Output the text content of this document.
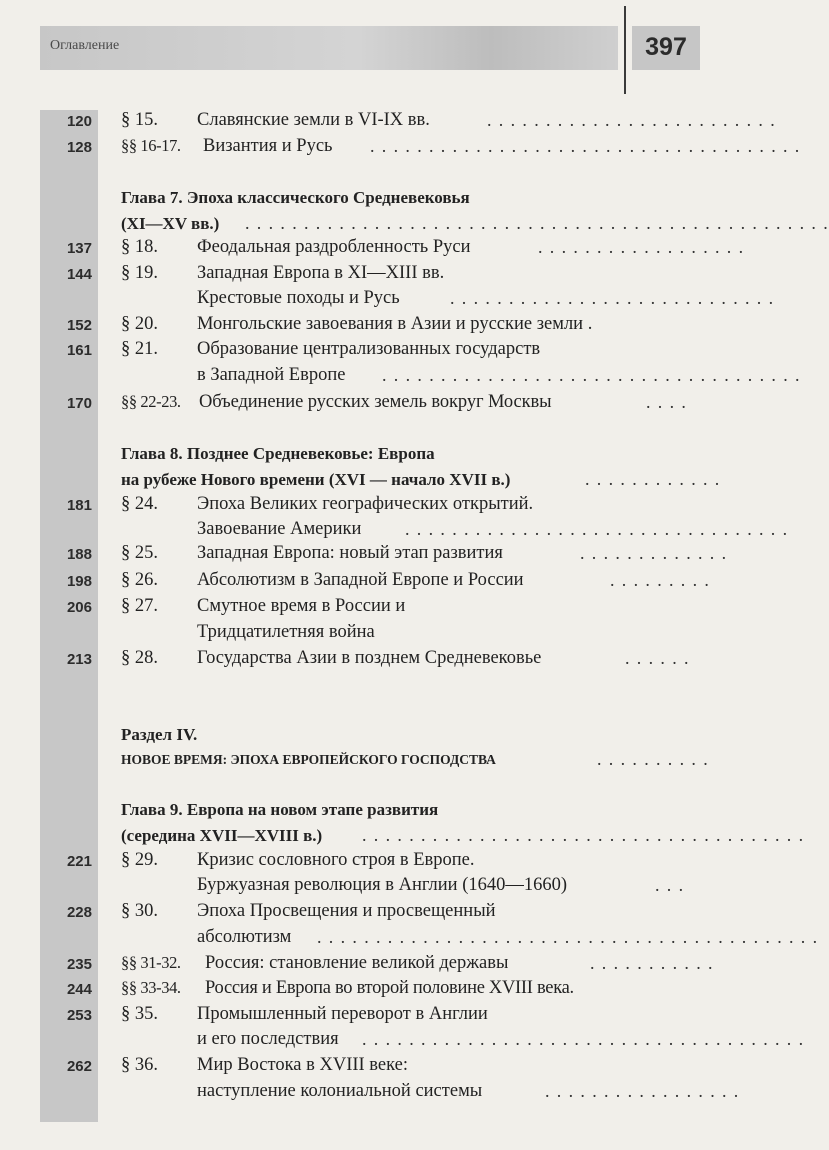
Оглавление	397
120 § 15. Славянские земли в VI-IX вв.	. . . . . . . . . . . . . . . . . . . . . . . . .
128 §§ 16-17. Византия и Русь . . . . . . . . . . . . . . . . . . . . . . . . . . . . . . . . . . . . .
Глава 7. Эпоха классического Средневековья
(XI—XV вв.) . . . . . . . . . . . . . . . . . . . . . . . . . . . . . . . . . . . . . . . . . . . . . . . . . .
137 § 18. Феодальная раздробленность Руси	. . . . . . . . . . . . . . . . . .
144 § 19. Западная Европа в XI—XIII вв.
Крестовые походы и Русь	. . . . . . . . . . . . . . . . . . . . . . . . . . . .
152 § 20. Монгольские завоевания в Азии и русские земли .
161 § 21. Образование централизованных государств
в Западной Европе . . . . . . . . . . . . . . . . . . . . . . . . . . . . . . . . . . . .
170 §§ 22-23. Объединение русских земель вокруг Москвы	. . . .
Глава 8. Позднее Средневековье: Европа
на рубеже Нового времени (XVI — начало XVII в.)	. . . . . . . . . . . .
181 § 24. Эпоха Великих географических открытий.
Завоевание Америки . . . . . . . . . . . . . . . . . . . . . . . . . . . . . . . . .
188 § 25. Западная Европа: новый этап развития	. . . . . . . . . . . . .
198 § 26. Абсолютизм в Западной Европе и России	. . . . . . . . .
206 § 27. Смутное время в России и
Тридцатилетняя война
213 § 28. Государства Азии в позднем Средневековье	. . . . . .
Раздел IV.
НОВОЕ ВРЕМЯ: ЭПОХА ЕВРОПЕЙСКОГО ГОСПОДСТВА	. . . . . . . . . .
Глава 9. Европа на новом этапе развития
(середина XVII—XVIII в.) . . . . . . . . . . . . . . . . . . . . . . . . . . . . . . . . . . . . . .
221 § 29. Кризис сословного строя в Европе.
Буржуазная революция в Англии (1640—1660)	. . .
228 § 30. Эпоха Просвещения и просвещенный
абсолютизм . . . . . . . . . . . . . . . . . . . . . . . . . . . . . . . . . . . . . . . . . . .
235 §§ 31-32. Россия: становление великой державы	. . . . . . . . . . .
244 §§ 33-34. Россия и Европа во второй половине XVIII века.
253 § 35. Промышленный переворот в Англии
и его последствия . . . . . . . . . . . . . . . . . . . . . . . . . . . . . . . . . . . . . .
262 § 36. Мир Востока в XVIII веке:
наступление колониальной системы	. . . . . . . . . . . . . . . . .
